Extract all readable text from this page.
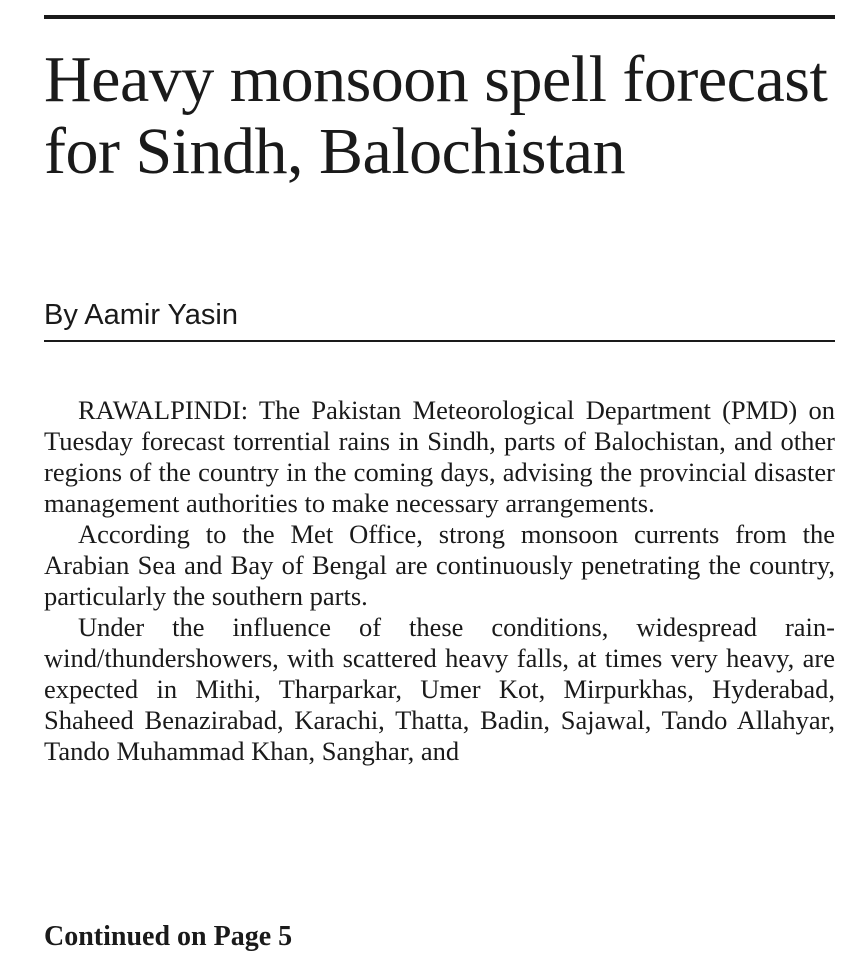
Heavy monsoon spell forecast for Sindh, Balochistan
By Aamir Yasin

RAWALPINDI: The Pakistan Meteorological Department (PMD) on Tuesday forecast torrential rains in Sindh, parts of Balochistan, and other regions of the country in the coming days, advising the provincial disaster management authorities to make necessary arrangements.

According to the Met Office, strong monsoon currents from the Arabian Sea and Bay of Bengal are continuously penetrating the country, particularly the southern parts.

Under the influence of these conditions, widespread rain-wind/thundershowers, with scattered heavy falls, at times very heavy, are expected in Mithi, Tharparkar, Umer Kot, Mirpurkhas, Hyderabad, Shaheed Benazirabad, Karachi, Thatta, Badin, Sajawal, Tando Allahyar, Tando Muhammad Khan, Sanghar, and

Continued on Page 5
